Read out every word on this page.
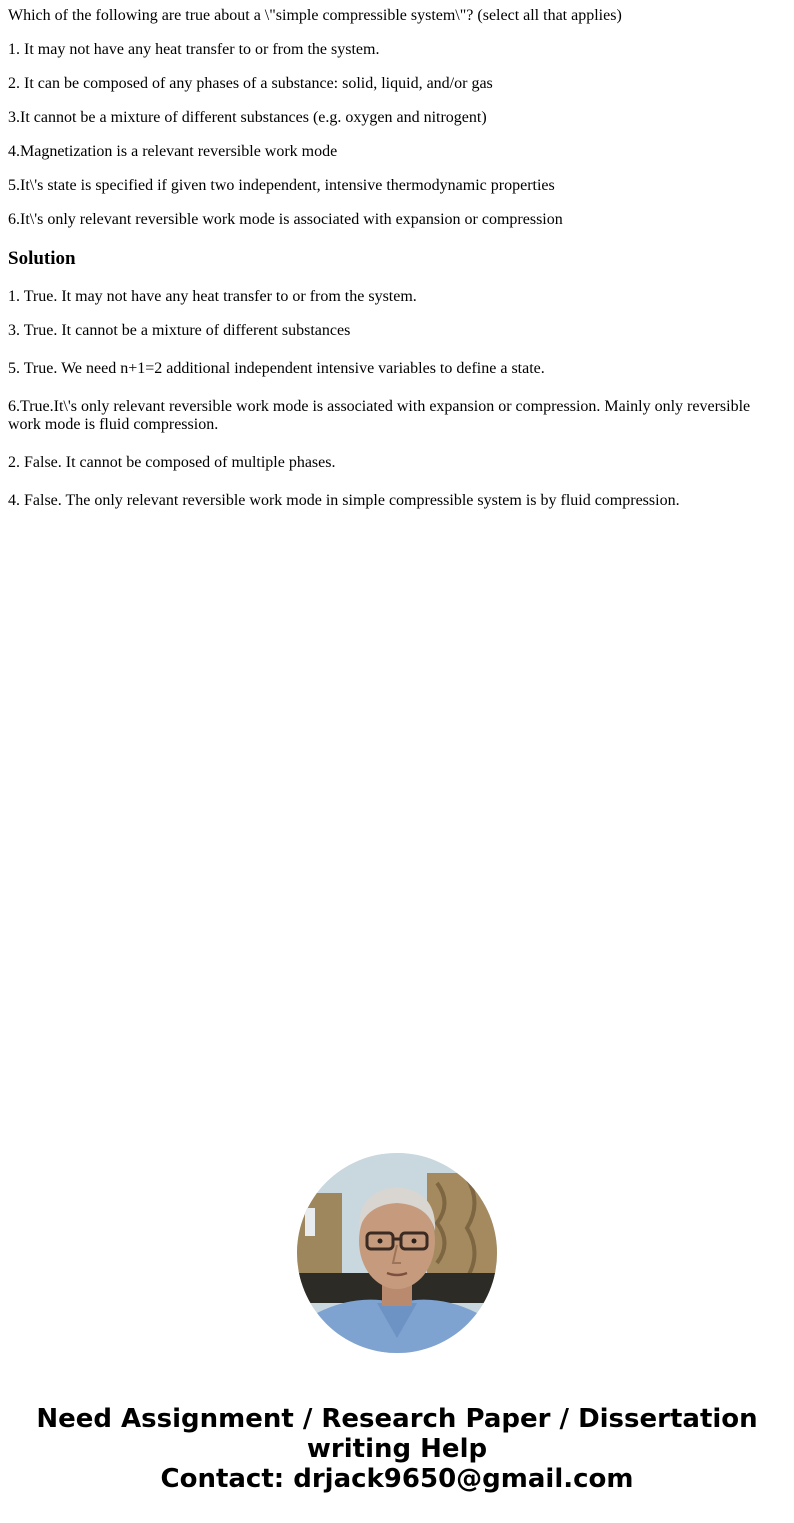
Which of the following are true about a \"simple compressible system\"? (select all that applies)

1. It may not have any heat transfer to or from the system.

2. It can be composed of any phases of a substance: solid, liquid, and/or gas

3.It cannot be a mixture of different substances (e.g. oxygen and nitrogent)

4.Magnetization is a relevant reversible work mode

5.It\'s state is specified if given two independent, intensive thermodynamic properties

6.It\'s only relevant reversible work mode is associated with expansion or compression

Solution

1. True. It may not have any heat transfer to or from the system.

3. True. It cannot be a mixture of different substances

5. True. We need n+1=2 additional independent intensive variables to define a state.

6.True.It\'s only relevant reversible work mode is associated with expansion or compression. Mainly only reversible work mode is fluid compression.

2. False. It cannot be composed of multiple phases.

4. False. The only relevant reversible work mode in simple compressible system is by fluid compression.

Need Assignment / Research Paper / Dissertation
writing Help
Contact: drjack9650@gmail.com
